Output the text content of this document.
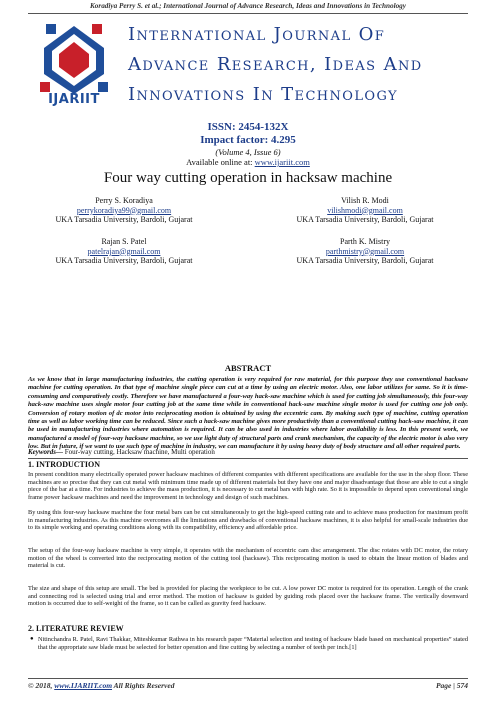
Koradiya Perry S. et al.; International Journal of Advance Research, Ideas and Innovations in Technology
IJARIIT
International Journal Of
Advance Research, Ideas And
Innovations In Technology
ISSN: 2454-132X
Impact factor: 4.295
(Volume 4, Issue 6)
Available online at: www.ijariit.com
Four way cutting operation in hacksaw machine
Perry S. Koradiya
perrykoradiya99@gmail.com
UKA Tarsadia University, Bardoli, Gujarat
Vilish R. Modi
vilishmodi@gmail.com
UKA Tarsadia University, Bardoli, Gujarat
Rajan S. Patel
patelrajan@gmail.com
UKA Tarsadia University, Bardoli, Gujarat
Parth K. Mistry
parthmistry@gmail.com
UKA Tarsadia University, Bardoli, Gujarat
ABSTRACT

As we know that in large manufacturing industries, the cutting operation is very required for raw material, for this purpose they use conventional hacksaw machine for cutting operation. In that type of machine single piece can cut at a time by using an electric motor. Also, one labor utilizes for same. So it is time-consuming and comparatively costly. Therefore we have manufactured a four-way hack-saw machine which is used for cutting job simultaneously, this four-way hack-saw machine uses single motor four cutting job at the same time while in conventional hack-saw machine single motor is used for cutting one job only. Conversion of rotary motion of dc motor into reciprocating motion is obtained by using the eccentric cam. By making such type of machine, cutting operation time as well as labor working time can be reduced. Since such a hack-saw machine gives more productivity than a conventional cutting hack-saw machine, it can be used in manufacturing industries where automation is required. It can be also used in industries where labor availability is less. In this present work, we manufactured a model of four-way hacksaw machine, so we use light duty of structural parts and crank mechanism, the capacity of the electric motor is also very low. But in future, if we want to use such type of machine in industry, we can manufacture it by using heavy duty of body structure and all other required parts.

Keywords— Four-way cutting, Hacksaw machine, Multi operation
1. INTRODUCTION

In present condition many electrically operated power hacksaw machines of different companies with different specifications are available for the use in the shop floor. These machines are so precise that they can cut metal with minimum time made up of different materials but they have one and major disadvantage that those are able to cut a single piece of the bar at a time. For industries to achieve the mass production, it is necessary to cut metal bars with high rate. So it is impossible to depend upon conventional single frame power hacksaw machines and need the improvement in technology and design of such machines.

By using this four-way hacksaw machine the four metal bars can be cut simultaneously to get the high-speed cutting rate and to achieve mass production for maximum profit in manufacturing industries. As this machine overcomes all the limitations and drawbacks of conventional hacksaw machines, it is also helpful for small-scale industries due to its simple working and operating conditions along with its compatibility, efficiency and affordable price.

The setup of the four-way hacksaw machine is very simple, it operates with the mechanism of eccentric cam disc arrangement. The disc rotates with DC motor, the rotary motion of the wheel is converted into the reciprocating motion of the cutting tool (hacksaw). This reciprocating motion is used to obtain the linear motion of blades and material is cut.

The size and shape of this setup are small. The bed is provided for placing the workpiece to be cut. A low power DC motor is required for its operation. Length of the crank and connecting rod is selected using trial and error method. The motion of hacksaw is guided by guiding rods placed over the hacksaw frame. The vertically downward motion is occurred due to self-weight of the frame, so it can be called as gravity feed hacksaw.

2. LITERATURE REVIEW
● Nitinchandra R. Patel, Ravi Thakkar, Miteshkumar Rathwa in his research paper “Material selection and testing of hacksaw blade based on mechanical properties” stated that the appropriate saw blade must be selected for better operation and fine cutting by selecting a number of teeth per inch.[1]
© 2018, www.IJARIIT.com All Rights Reserved	Page | 574
